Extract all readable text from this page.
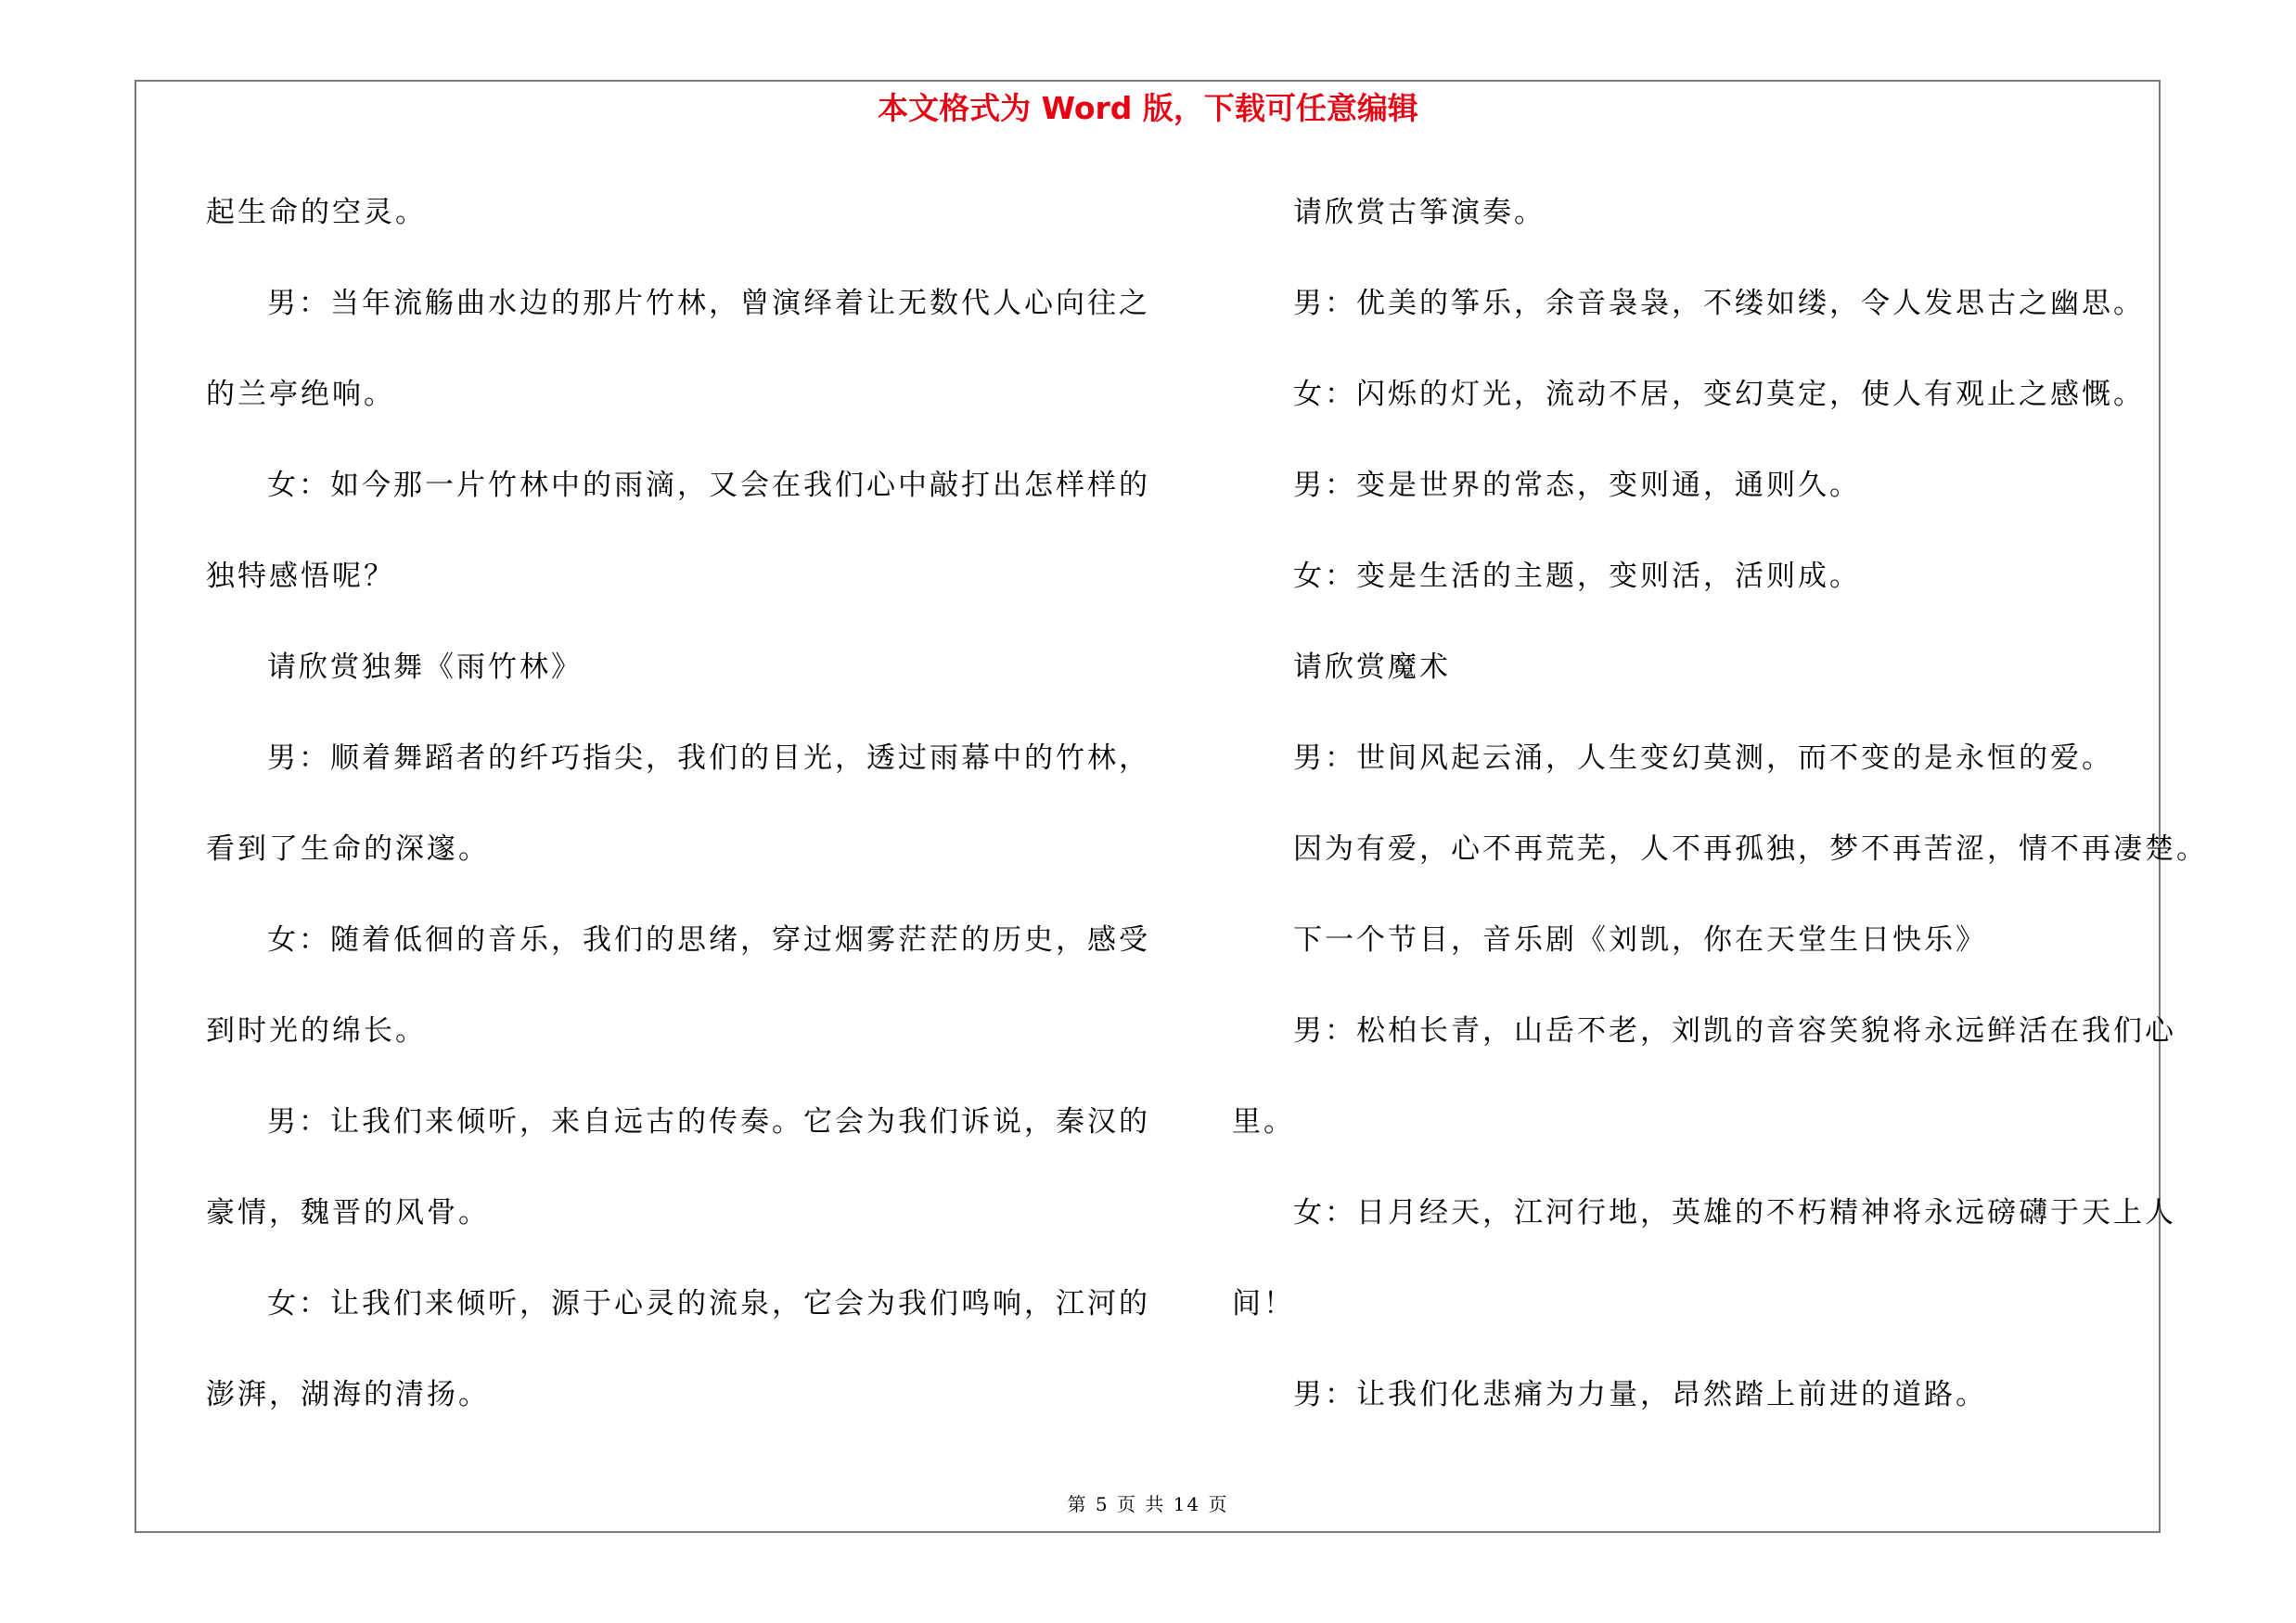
本文格式为 Word 版，下载可任意编辑
起生命的空灵。
男：当年流觞曲水边的那片竹林，曾演绎着让无数代人心向往之
的兰亭绝响。
女：如今那一片竹林中的雨滴，又会在我们心中敲打出怎样样的
独特感悟呢？
请欣赏独舞《雨竹林》
男：顺着舞蹈者的纤巧指尖，我们的目光，透过雨幕中的竹林，
看到了生命的深邃。
女：随着低徊的音乐，我们的思绪，穿过烟雾茫茫的历史，感受
到时光的绵长。
男：让我们来倾听，来自远古的传奏。它会为我们诉说，秦汉的
豪情，魏晋的风骨。
女：让我们来倾听，源于心灵的流泉，它会为我们鸣响，江河的
澎湃，湖海的清扬。
请欣赏古筝演奏。
男：优美的筝乐，余音袅袅，不缕如缕，令人发思古之幽思。
女：闪烁的灯光，流动不居，变幻莫定，使人有观止之感慨。
男：变是世界的常态，变则通，通则久。
女：变是生活的主题，变则活，活则成。
请欣赏魔术
男：世间风起云涌，人生变幻莫测，而不变的是永恒的爱。
因为有爱，心不再荒芜，人不再孤独，梦不再苦涩，情不再凄楚。
下一个节目，音乐剧《刘凯，你在天堂生日快乐》
男：松柏长青，山岳不老，刘凯的音容笑貌将永远鲜活在我们心
里。
女：日月经天，江河行地，英雄的不朽精神将永远磅礴于天上人
间！
男：让我们化悲痛为力量，昂然踏上前进的道路。
第 5 页 共 14 页
